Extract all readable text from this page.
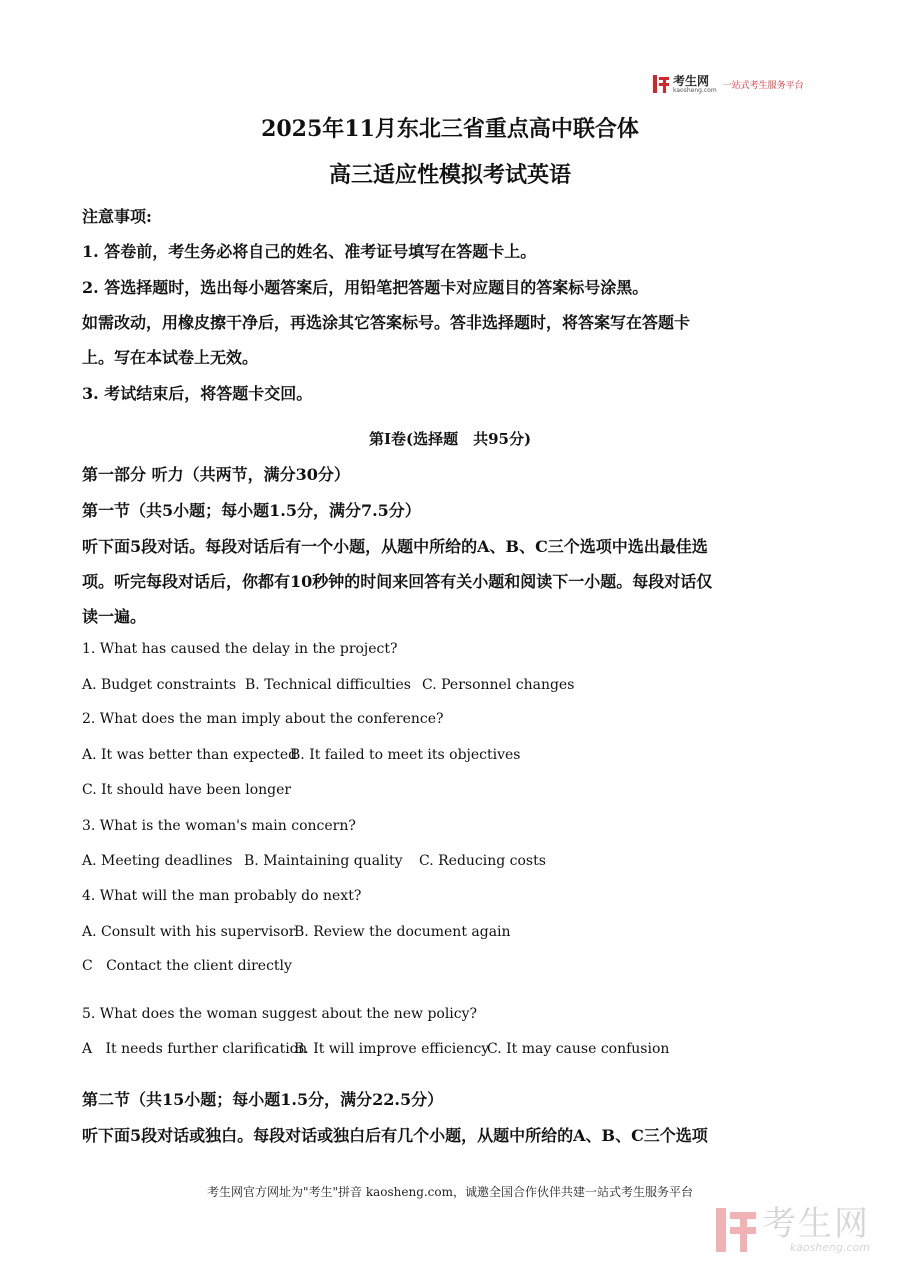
考生网
kaosheng.com 一站式考生服务平台
2025年11月东北三省重点高中联合体
高三适应性模拟考试英语
注意事项:
1. 答卷前，考生务必将自己的姓名、准考证号填写在答题卡上。
2. 答选择题时，选出每小题答案后，用铅笔把答题卡对应题目的答案标号涂黑。
如需改动，用橡皮擦干净后，再选涂其它答案标号。答非选择题时，将答案写在答题卡
上。写在本试卷上无效。
3. 考试结束后，将答题卡交回。
第I卷(选择题　共95分)
第一部分 听力（共两节，满分30分）
第一节（共5小题；每小题1.5分，满分7.5分）
听下面5段对话。每段对话后有一个小题，从题中所给的A、B、C三个选项中选出最佳选
项。听完每段对话后，你都有10秒钟的时间来回答有关小题和阅读下一小题。每段对话仅
读一遍。
1. What has caused the delay in the project?
A. Budget constraints B. Technical difficulties C. Personnel changes
2. What does the man imply about the conference?
A. It was better than expected
B. It failed to meet its objectives
C. It should have been longer
3. What is the woman's main concern?
A. Meeting deadlines B. Maintaining quality C. Reducing costs
4. What will the man probably do next?
A. Consult with his supervisor
B. Review the document again
C   Contact the client directly
5. What does the woman suggest about the new policy?
A   It needs further clarification
B. It will improve efficiency
C. It may cause confusion
第二节（共15小题；每小题1.5分，满分22.5分）
听下面5段对话或独白。每段对话或独白后有几个小题，从题中所给的A、B、C三个选项
考生网官方网址为"考生"拼音 kaosheng.com，诚邀全国合作伙伴共建一站式考生服务平台
考生网
kaosheng.com
